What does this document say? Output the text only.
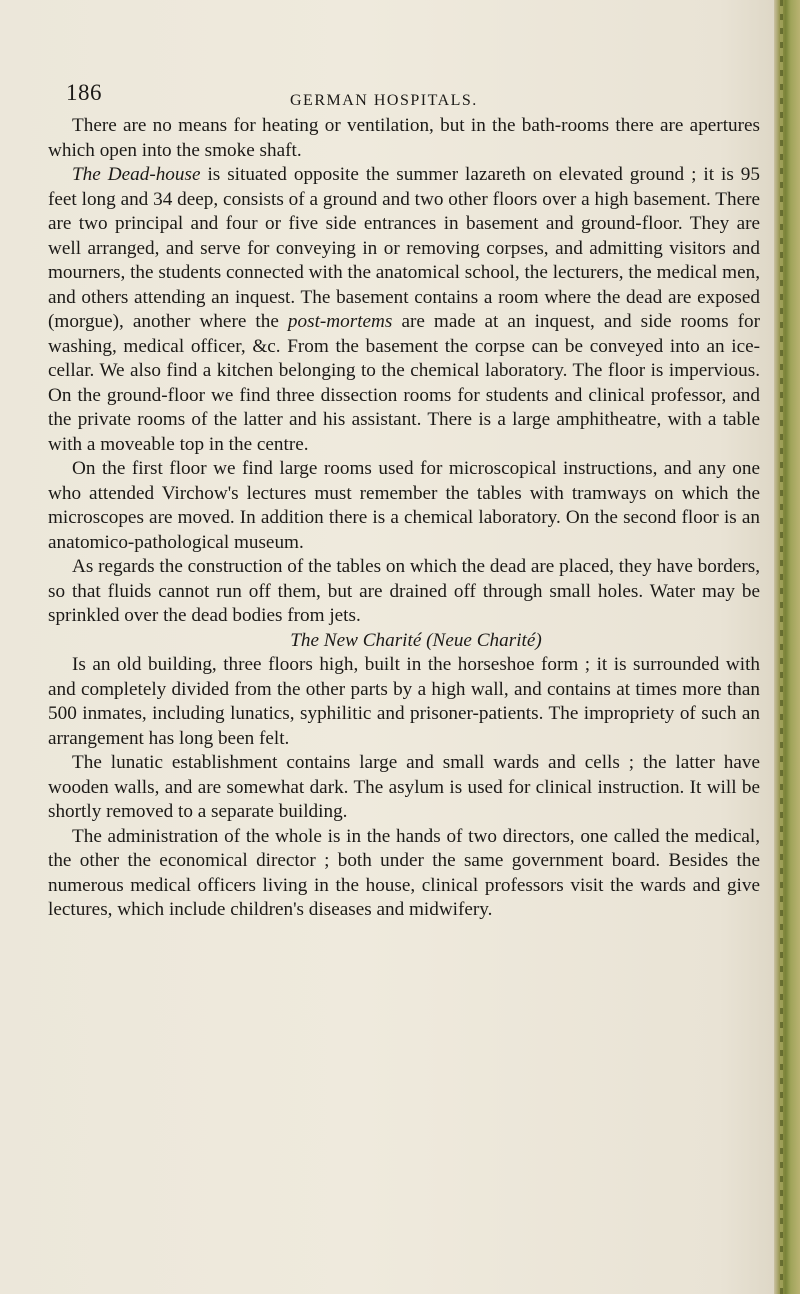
186	GERMAN HOSPITALS.

There are no means for heating or ventilation, but in the bath-rooms there are apertures which open into the smoke shaft.

The Dead-house is situated opposite the summer lazareth on elevated ground ; it is 95 feet long and 34 deep, consists of a ground and two other floors over a high basement. There are two principal and four or five side entrances in basement and ground-floor. They are well arranged, and serve for conveying in or removing corpses, and admitting visitors and mourners, the students connected with the anatomical school, the lecturers, the medical men, and others attending an inquest. The basement contains a room where the dead are exposed (morgue), another where the post-mortems are made at an inquest, and side rooms for washing, medical officer, &c. From the basement the corpse can be conveyed into an ice-cellar. We also find a kitchen belonging to the chemical laboratory. The floor is impervious. On the ground-floor we find three dissection rooms for students and clinical professor, and the private rooms of the latter and his assistant. There is a large amphitheatre, with a table with a moveable top in the centre.

On the first floor we find large rooms used for microscopical instructions, and any one who attended Virchow's lectures must remember the tables with tramways on which the microscopes are moved. In addition there is a chemical laboratory. On the second floor is an anatomico-pathological museum.

As regards the construction of the tables on which the dead are placed, they have borders, so that fluids cannot run off them, but are drained off through small holes. Water may be sprinkled over the dead bodies from jets.

The New Charité (Neue Charité)

Is an old building, three floors high, built in the horseshoe form ; it is surrounded with and completely divided from the other parts by a high wall, and contains at times more than 500 inmates, including lunatics, syphilitic and prisoner-patients. The impropriety of such an arrangement has long been felt.

The lunatic establishment contains large and small wards and cells ; the latter have wooden walls, and are somewhat dark. The asylum is used for clinical instruction. It will be shortly removed to a separate building.

The administration of the whole is in the hands of two directors, one called the medical, the other the economical director ; both under the same government board. Besides the numerous medical officers living in the house, clinical professors visit the wards and give lectures, which include children's diseases and midwifery.
